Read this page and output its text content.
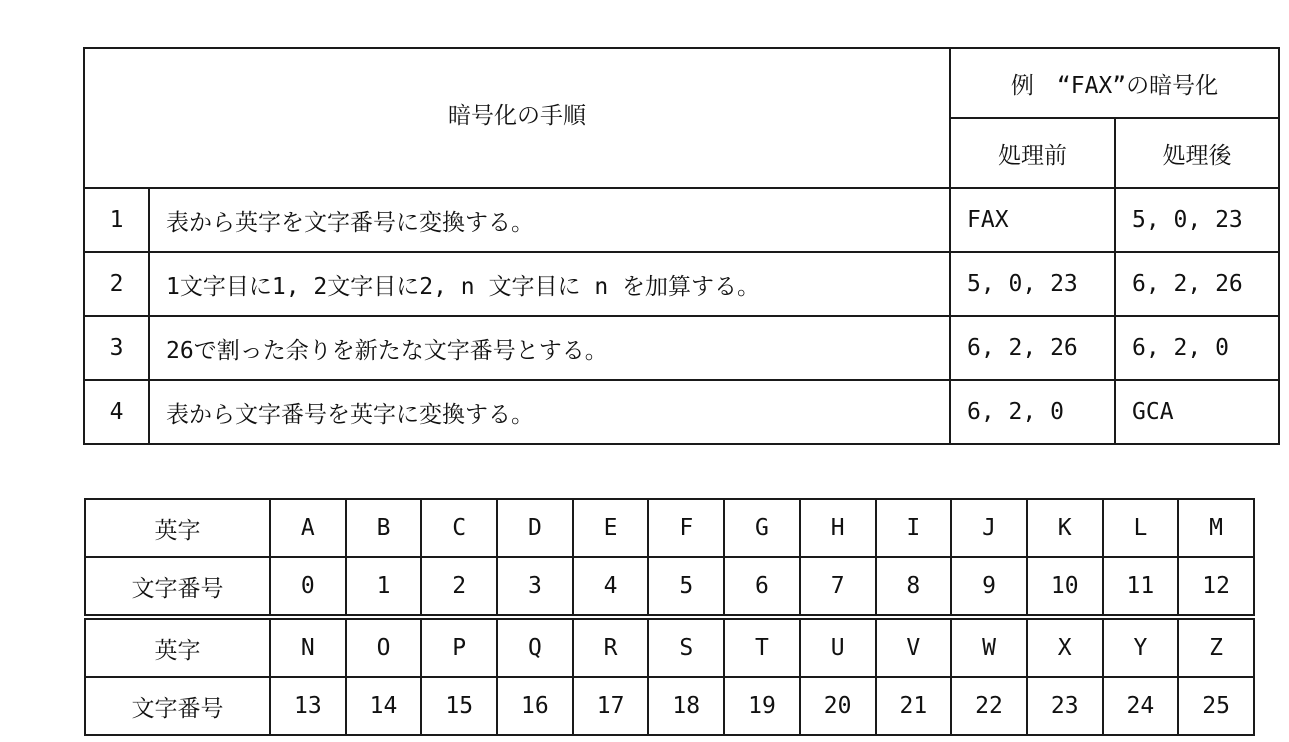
暗号化の手順		例　“FAX”の暗号化	
		処理前	処理後
1	表から英字を文字番号に変換する。	FAX	5, 0, 23
2	1文字目に1, 2文字目に2, n 文字目に n を加算する。	5, 0, 23	6, 2, 26
3	26で割った余りを新たな文字番号とする。	6, 2, 26	6, 2, 0
4	表から文字番号を英字に変換する。	6, 2, 0	GCA
英字	A	B	C	D	E	F	G	H	I	J	K	L	M
文字番号	0	1	2	3	4	5	6	7	8	9	10	11	12
英字	N	O	P	Q	R	S	T	U	V	W	X	Y	Z
文字番号	13	14	15	16	17	18	19	20	21	22	23	24	25
